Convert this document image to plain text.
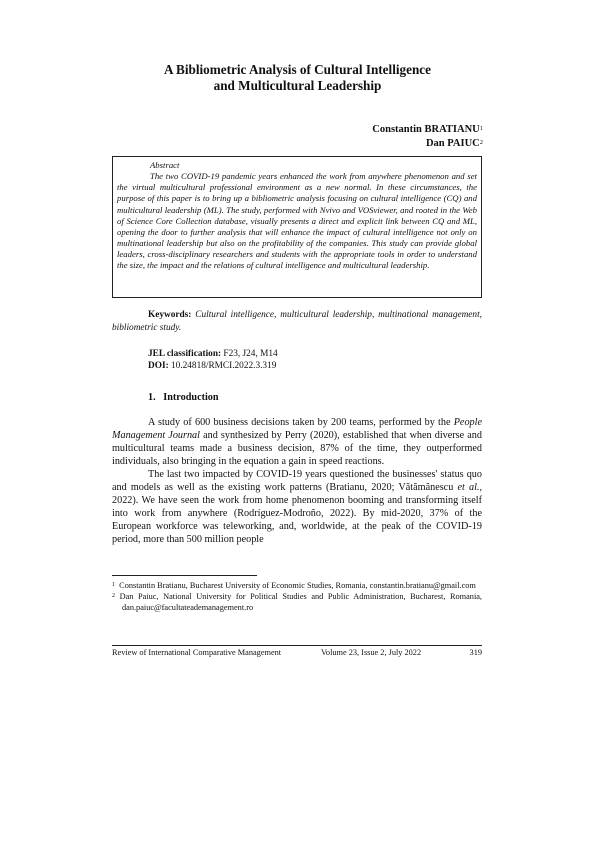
A Bibliometric Analysis of Cultural Intelligence
and Multicultural Leadership
Constantin BRATIANU$^1$
Dan PAIUC$^2$
Abstract
The two COVID-19 pandemic years enhanced the work from anywhere phenomenon and set the virtual multicultural professional environment as a new normal. In these circumstances, the purpose of this paper is to bring up a bibliometric analysis focusing on cultural intelligence (CQ) and multicultural leadership (ML). The study, performed with Nvivo and VOSviewer, and rooted in the Web of Science Core Collection database, visually presents a direct and explicit link between CQ and ML, opening the door to further analysis that will enhance the impact of cultural intelligence not only on multinational leadership but also on the profitability of the companies. This study can provide global leaders, cross-disciplinary researchers and students with the appropriate tools in order to understand the size, the impact and the relations of cultural intelligence and multicultural leadership.
Keywords: Cultural intelligence, multicultural leadership, multinational management, bibliometric study.
JEL classification: F23, J24, M14
DOI: 10.24818/RMCI.2022.3.319
1.   Introduction

A study of 600 business decisions taken by 200 teams, performed by the People Management Journal and synthesized by Perry (2020), established that when diverse and multicultural teams made a business decision, 87% of the time, they outperformed individuals, also bringing in the equation a gain in speed reactions.

The last two impacted by COVID-19 years questioned the businesses' status quo and models as well as the existing work patterns (Bratianu, 2020; Vătămănescu et al., 2022). We have seen the work from home phenomenon booming and transforming itself into work from anywhere (Rodríguez-Modroño, 2022). By mid-2020, 37% of the European workforce was teleworking, and, worldwide, at the peak of the COVID-19 period, more than 500 million people

$^1$ Constantin Bratianu, Bucharest University of Economic Studies, Romania, constantin.bratianu@gmail.com
$^2$ Dan Paiuc, National University for Political Studies and Public Administration, Bucharest, Romania, dan.paiuc@facultateademanagement.ro
Review of International Comparative Management	Volume 23, Issue 2, July 2022	319
